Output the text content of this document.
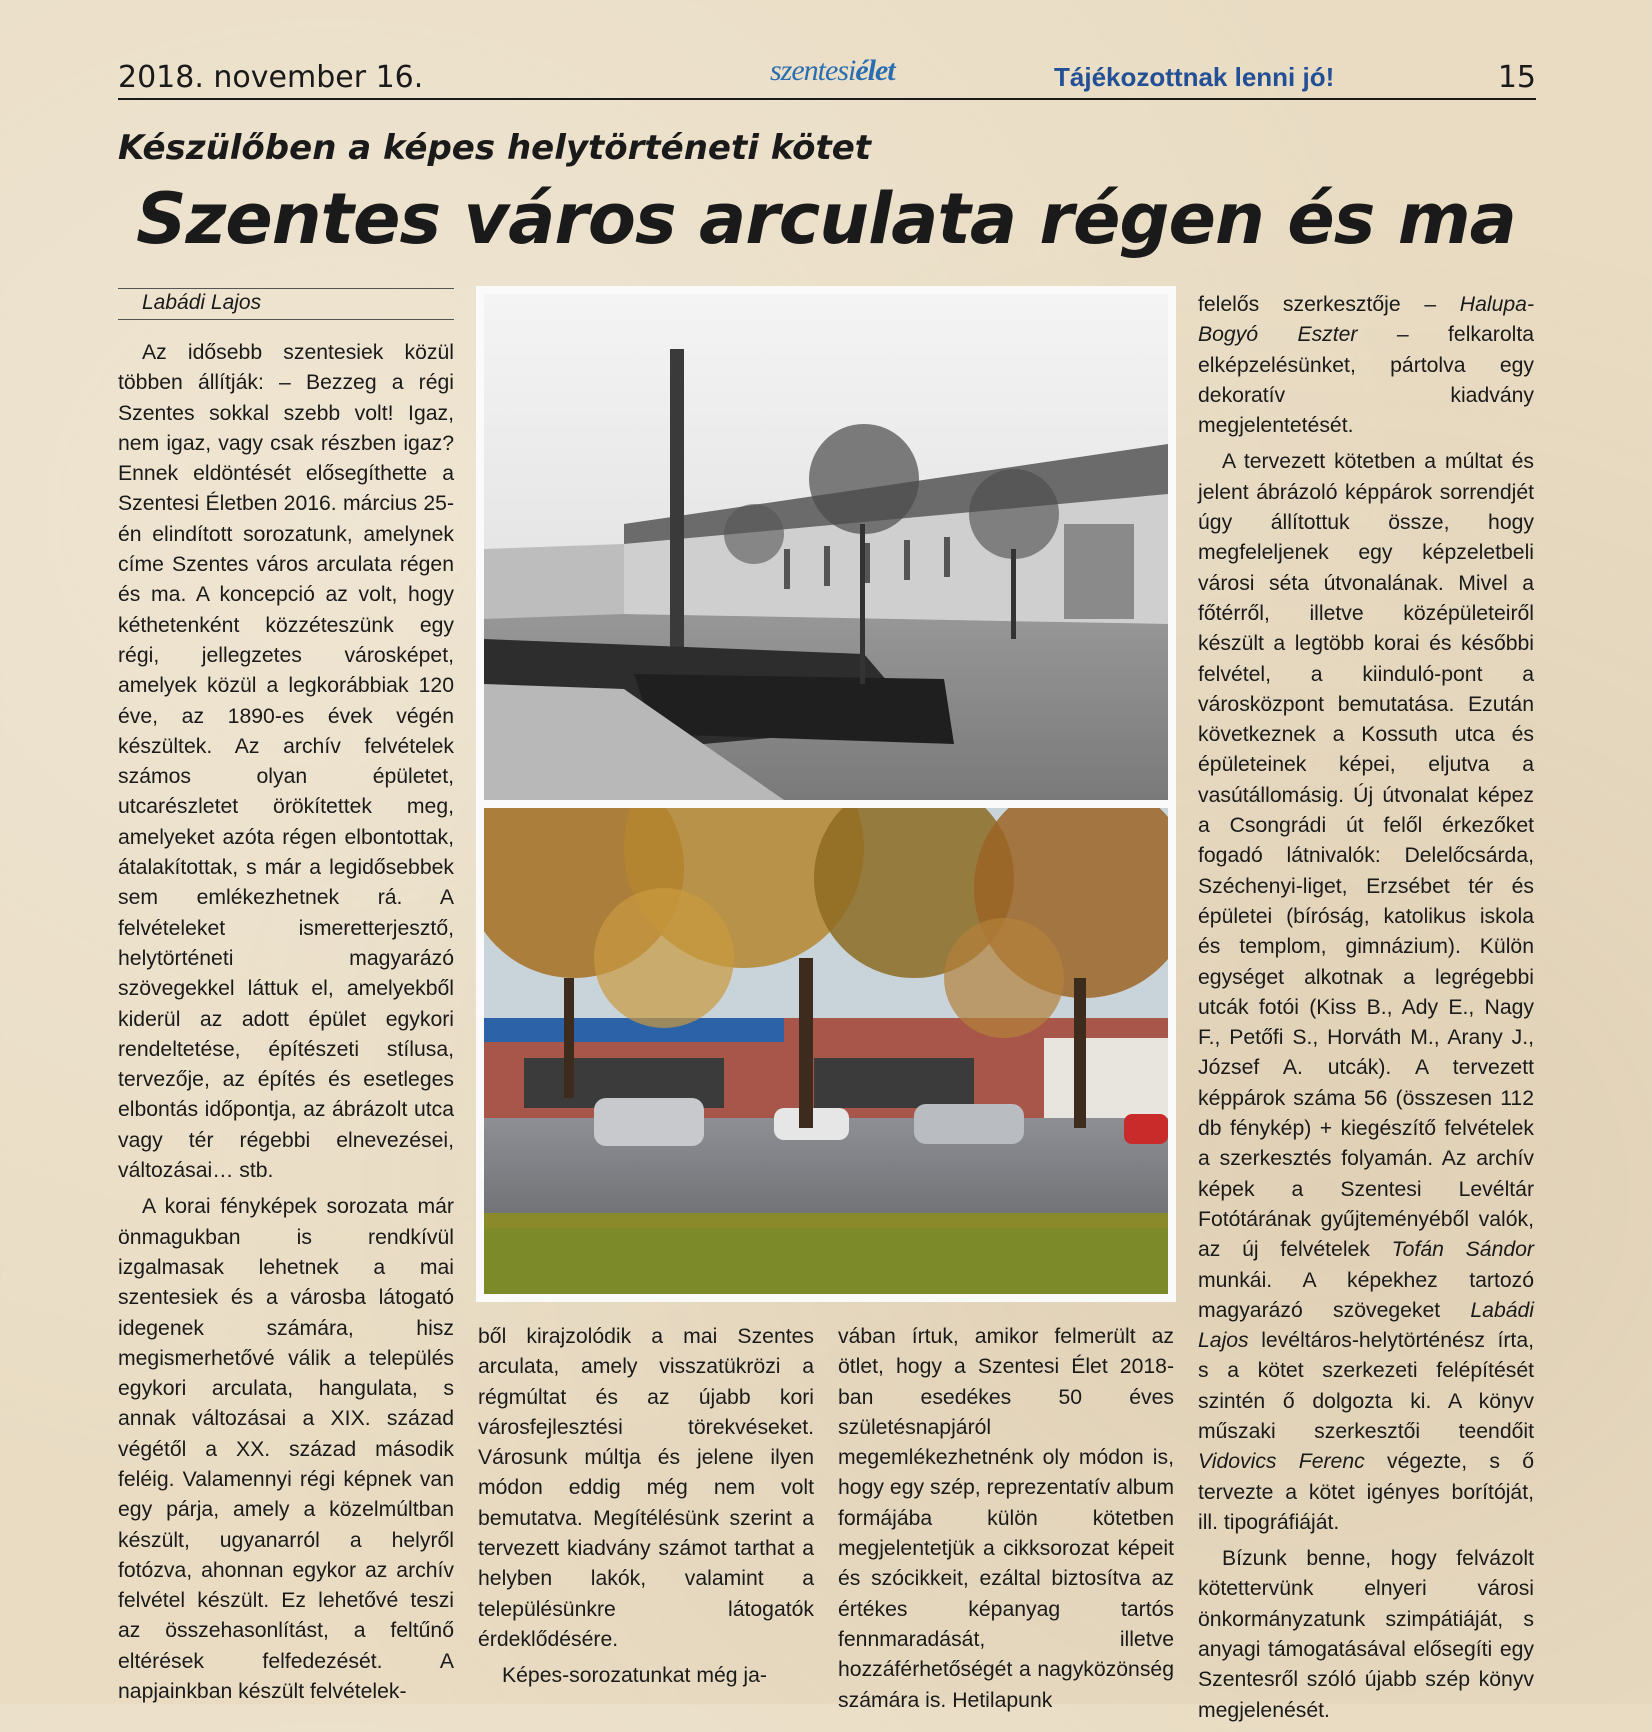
2018. november 16.	szentesiélet	Tájékozottnak lenni jó!	15
Készülőben a képes helytörténeti kötet
Szentes város arculata régen és ma
Labádi Lajos

Az idősebb szentesiek közül többen állítják: – Bezzeg a régi Szentes sokkal szebb volt! Igaz, nem igaz, vagy csak részben igaz? Ennek eldöntését elősegíthette a Szentesi Életben 2016. március 25-én elindított sorozatunk, amelynek címe Szentes város arculata régen és ma. A koncepció az volt, hogy kéthetenként közzéteszünk egy régi, jellegzetes városképet, amelyek közül a legkorábbiak 120 éve, az 1890-es évek végén készültek. Az archív felvételek számos olyan épületet, utcarészletet örökítettek meg, amelyeket azóta régen elbontottak, átalakítottak, s már a legidősebbek sem emlékezhetnek rá. A felvételeket ismeretterjesztő, helytörténeti magyarázó szövegekkel láttuk el, amelyekből kiderül az adott épület egykori rendeltetése, építészeti stílusa, tervezője, az építés és esetleges elbontás időpontja, az ábrázolt utca vagy tér régebbi elnevezései, változásai… stb.

A korai fényképek sorozata már önmagukban is rendkívül izgalmasak lehetnek a mai szentesiek és a városba látogató idegenek számára, hisz megismerhetővé válik a település egykori arculata, hangulata, s annak változásai a XIX. század végétől a XX. század második feléig. Valamennyi régi képnek van egy párja, amely a közelmúltban készült, ugyanarról a helyről fotózva, ahonnan egykor az archív felvétel készült. Ez lehetővé teszi az összehasonlítást, a feltűnő eltérések felfedezését. A napjainkban készült felvételek-

ből kirajzolódik a mai Szentes arculata, amely visszatükrözi a régmúltat és az újabb kori városfejlesztési törekvéseket. Városunk múltja és jelene ilyen módon eddig még nem volt bemutatva. Megítélésünk szerint a tervezett kiadvány számot tarthat a helyben lakók, valamint a településünkre látogatók érdeklődésére.

Képes-sorozatunkat még ja-

vában írtuk, amikor felmerült az ötlet, hogy a Szentesi Élet 2018-ban esedékes 50 éves születésnapjáról megemlékezhetnénk oly módon is, hogy egy szép, reprezentatív album formájába külön kötetben megjelentetjük a cikksorozat képeit és szócikkeit, ezáltal biztosítva az értékes képanyag tartós fennmaradását, illetve hozzáférhetőségét a nagyközönség számára is. Hetilapunk

felelős szerkesztője – Halupa-Bogyó Eszter – felkarolta elképzelésünket, pártolva egy dekoratív kiadvány megjelentetését.

A tervezett kötetben a múltat és jelent ábrázoló képpárok sorrendjét úgy állítottuk össze, hogy megfeleljenek egy képzeletbeli városi séta útvonalának. Mivel a főtérről, illetve középületeiről készült a legtöbb korai és későbbi felvétel, a kiinduló-pont a városközpont bemutatása. Ezután következnek a Kossuth utca és épületeinek képei, eljutva a vasútállomásig. Új útvonalat képez a Csongrádi út felől érkezőket fogadó látnivalók: Delelőcsárda, Széchenyi-liget, Erzsébet tér és épületei (bíróság, katolikus iskola és templom, gimnázium). Külön egységet alkotnak a legrégebbi utcák fotói (Kiss B., Ady E., Nagy F., Petőfi S., Horváth M., Arany J., József A. utcák). A tervezett képpárok száma 56 (összesen 112 db fénykép) + kiegészítő felvételek a szerkesztés folyamán. Az archív képek a Szentesi Levéltár Fotótárának gyűjteményéből valók, az új felvételek Tofán Sándor munkái. A képekhez tartozó magyarázó szövegeket Labádi Lajos levéltáros-helytörténész írta, s a kötet szerkezeti felépítését szintén ő dolgozta ki. A könyv műszaki szerkesztői teendőit Vidovics Ferenc végezte, s ő tervezte a kötet igényes borítóját, ill. tipográfiáját.

Bízunk benne, hogy felvázolt kötettervünk elnyeri városi önkormányzatunk szimpátiáját, s anyagi támogatásával elősegíti egy Szentesről szóló újabb szép könyv megjelenését.
